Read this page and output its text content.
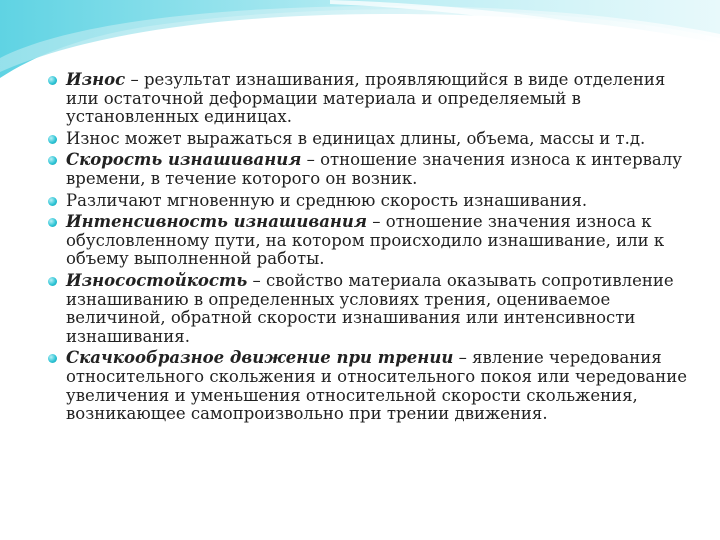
Износ – результат изнашивания, проявляющийся в виде отделения или остаточной деформации материала и определяемый в установленных единицах.
Износ может выражаться в единицах длины, объема, массы и т.д.
Скорость изнашивания – отношение значения износа к интервалу времени, в течение которого он возник.
Различают мгновенную и среднюю скорость изнашивания.
Интенсивность изнашивания – отношение значения износа к обусловленному пути, на котором происходило изнашивание, или к объему выполненной работы.
Износостойкость – свойство материала оказывать сопротивление изнашиванию в определенных условиях трения, оцениваемое величиной, обратной скорости изнашивания или интенсивности изнашивания.
Скачкообразное движение при трении – явление чередования относительного скольжения и относительного покоя или чередование увеличения и уменьшения относительной скорости скольжения, возникающее самопроизвольно при трении движения.
